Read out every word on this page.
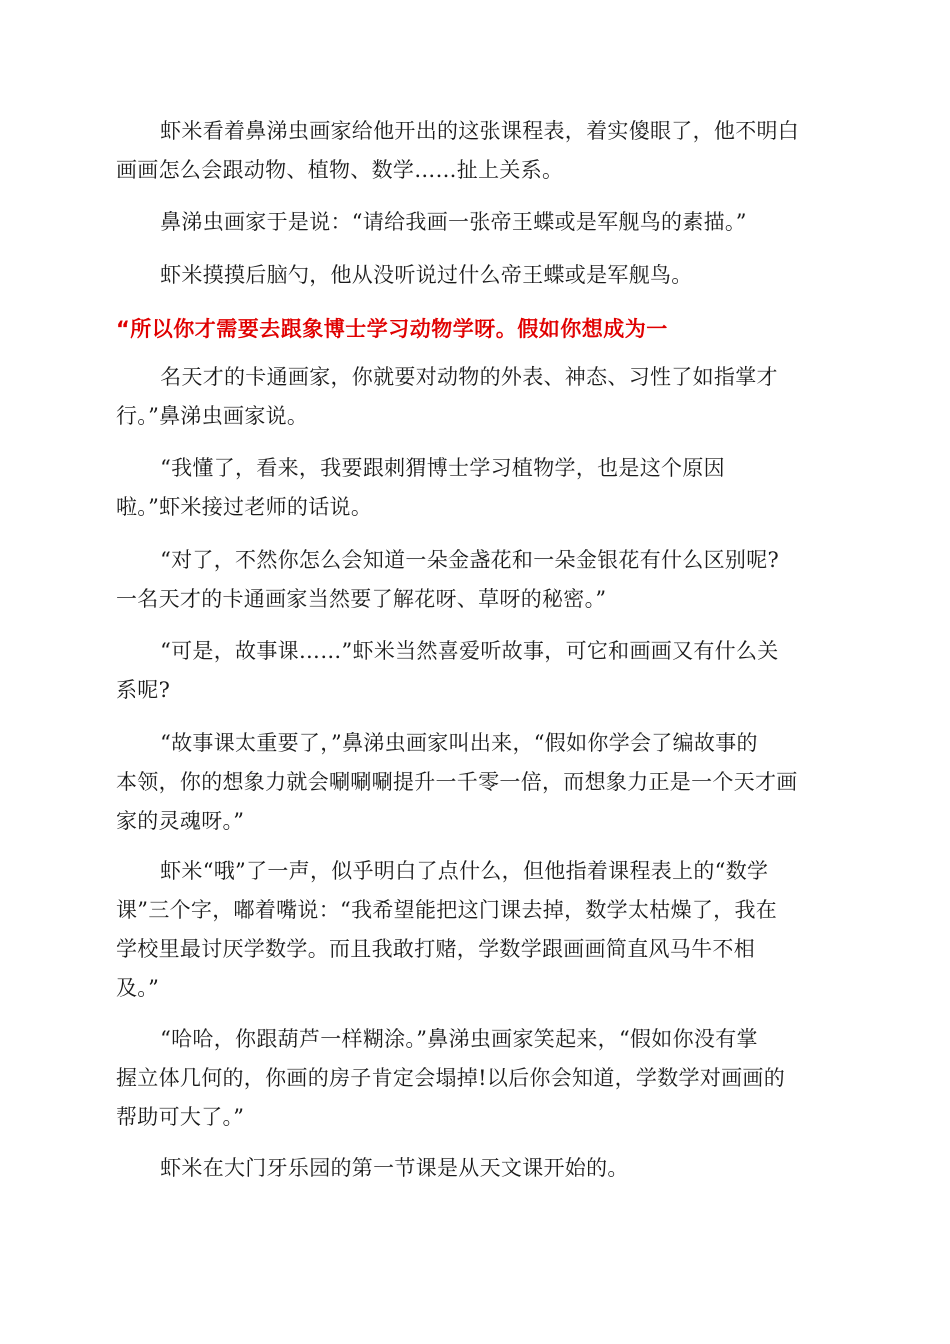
虾米看着鼻涕虫画家给他开出的这张课程表，着实傻眼了，他不明白
画画怎么会跟动物、植物、数学……扯上关系。

鼻涕虫画家于是说：“请给我画一张帝王蝶或是军舰鸟的素描。”

虾米摸摸后脑勺，他从没听说过什么帝王蝶或是军舰鸟。

“所以你才需要去跟象博士学习动物学呀。假如你想成为一

名天才的卡通画家，你就要对动物的外表、神态、习性了如指掌才
行。”鼻涕虫画家说。

“我懂了，看来，我要跟刺猬博士学习植物学，也是这个原因
啦。”虾米接过老师的话说。

“对了，不然你怎么会知道一朵金盏花和一朵金银花有什么区别呢?
一名天才的卡通画家当然要了解花呀、草呀的秘密。”

“可是，故事课……”虾米当然喜爱听故事，可它和画画又有什么关
系呢?

“故事课太重要了，”鼻涕虫画家叫出来，“假如你学会了编故事的
本领，你的想象力就会唰唰唰提升一千零一倍，而想象力正是一个天才画
家的灵魂呀。”

虾米“哦”了一声，似乎明白了点什么，但他指着课程表上的“数学
课”三个字，嘟着嘴说：“我希望能把这门课去掉，数学太枯燥了，我在
学校里最讨厌学数学。而且我敢打赌，学数学跟画画简直风马牛不相
及。”

“哈哈，你跟葫芦一样糊涂。”鼻涕虫画家笑起来，“假如你没有掌
握立体几何的，你画的房子肯定会塌掉!以后你会知道，学数学对画画的
帮助可大了。”

虾米在大门牙乐园的第一节课是从天文课开始的。
